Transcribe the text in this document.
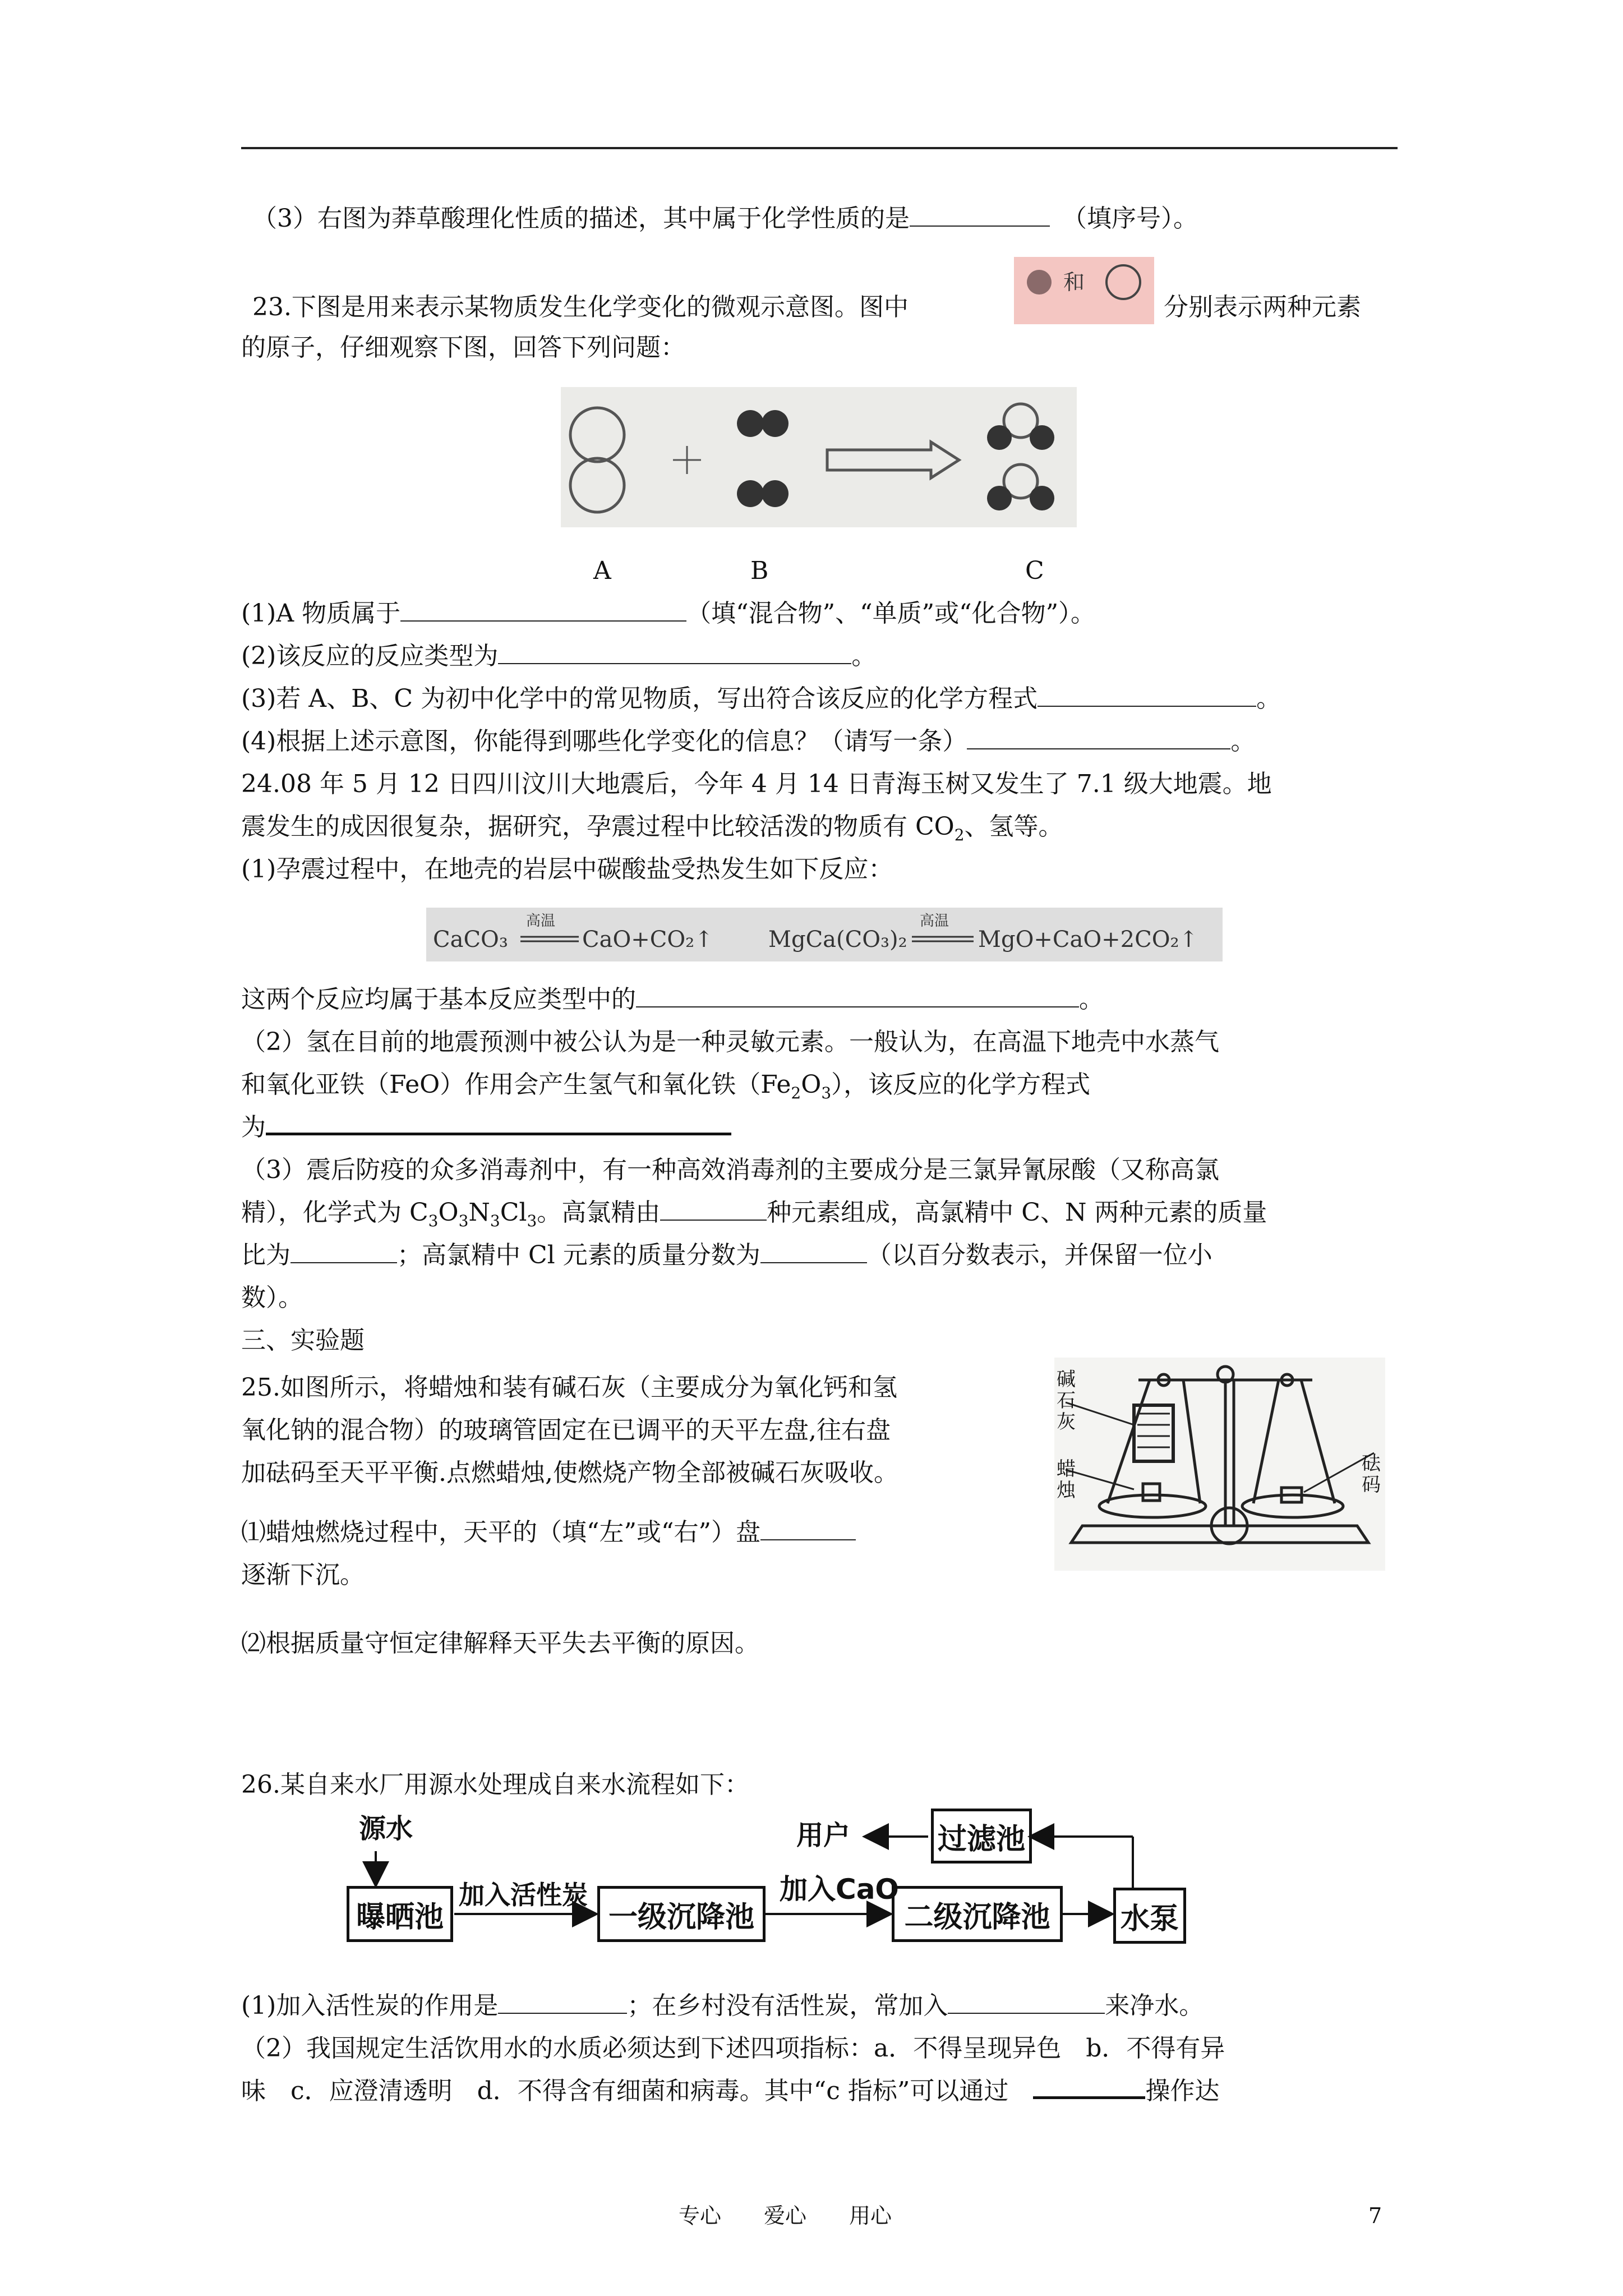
（3）右图为莽草酸理化性质的描述，其中属于化学性质的是　	（填序号）。
23.下图是用来表示某物质发生化学变化的微观示意图。图中
和
分别表示两种元素
的原子，仔细观察下图，回答下列问题：
A	B	C
(1)A 物质属于	（填“混合物”、“单质”或“化合物”）。
(2)该反应的反应类型为	。
(3)若 A、B、C 为初中化学中的常见物质，写出符合该反应的化学方程式	。
(4)根据上述示意图，你能得到哪些化学变化的信息？（请写一条）	。
24.08 年 5 月 12 日四川汶川大地震后，今年 4 月 14 日青海玉树又发生了 7.1 级大地震。地
震发生的成因很复杂，据研究，孕震过程中比较活泼的物质有 $CO_2$、氢等。
(1)孕震过程中，在地壳的岩层中碳酸盐受热发生如下反应：
CaCO₃
高温
CaO+CO₂↑ MgCa(CO₃)₂
高温
MgO+CaO+2CO₂↑
这两个反应均属于基本反应类型中的	。
（2）氢在目前的地震预测中被公认为是一种灵敏元素。一般认为，在高温下地壳中水蒸气
和氧化亚铁（FeO）作用会产生氢气和氧化铁$(Fe_2O_3)$，该反应的化学方程式
为
（3）震后防疫的众多消毒剂中，有一种高效消毒剂的主要成分是三氯异氰尿酸（又称高氯
精），化学式为 $C_3O_3N_3Cl_3$。高氯精由	种元素组成，高氯精中 C、N 两种元素的质量
比为	；高氯精中 Cl 元素的质量分数为	（以百分数表示，并保留一位小
数）。
三、实验题
25.如图所示，将蜡烛和装有碱石灰（主要成分为氧化钙和氢
氧化钠的混合物）的玻璃管固定在已调平的天平左盘,往右盘
加砝码至天平平衡.点燃蜡烛,使燃烧产物全部被碱石灰吸收。
⑴蜡烛燃烧过程中，天平的（填“左”或“右”）盘
逐渐下沉。
⑵根据质量守恒定律解释天平失去平衡的原因。
碱石灰
蜡烛
砝码
26.某自来水厂用源水处理成自来水流程如下：
源水
曝晒池
加入活性炭
一级沉降池
加入CaO
二级沉降池	水泵
过滤池
用户
(1)加入活性炭的作用是	；在乡村没有活性炭，常加入	来净水。
（2）我国规定生活饮用水的水质必须达到下述四项指标：a．不得呈现异色　b．不得有异
味　c．应澄清透明　d．不得含有细菌和病毒。其中“c 指标”可以通过　	操作达
专心　　爱心　　用心	7
